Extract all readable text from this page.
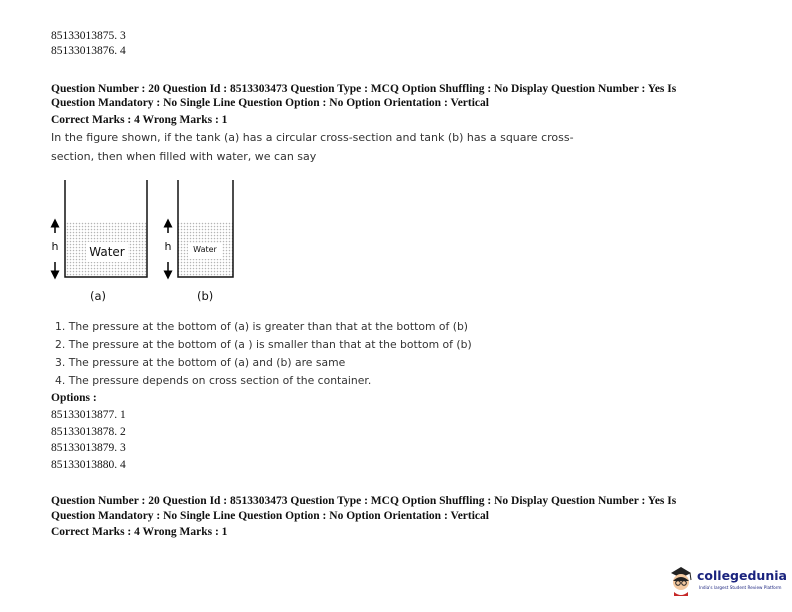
85133013875. 3
85133013876. 4
Question Number : 20 Question Id : 8513303473 Question Type : MCQ Option Shuffling : No Display Question Number : Yes Is
Question Mandatory : No Single Line Question Option : No Option Orientation : Vertical
Correct Marks : 4 Wrong Marks : 1
In the figure shown, if the tank (a) has a circular cross-section and tank (b) has a square cross-
section, then when filled with water, we can say
h	h
Water	Water
(a)	(b)
1. The pressure at the bottom of (a) is greater than that at the bottom of (b)
2. The pressure at the bottom of (a ) is smaller than that at the bottom of (b)
3. The pressure at the bottom of (a) and (b) are same
4. The pressure depends on cross section of the container.
Options :
85133013877. 1
85133013878. 2
85133013879. 3
85133013880. 4
Question Number : 20 Question Id : 8513303473 Question Type : MCQ Option Shuffling : No Display Question Number : Yes Is
Question Mandatory : No Single Line Question Option : No Option Orientation : Vertical
Correct Marks : 4 Wrong Marks : 1
collegedunia
India's largest Student Review Platform
